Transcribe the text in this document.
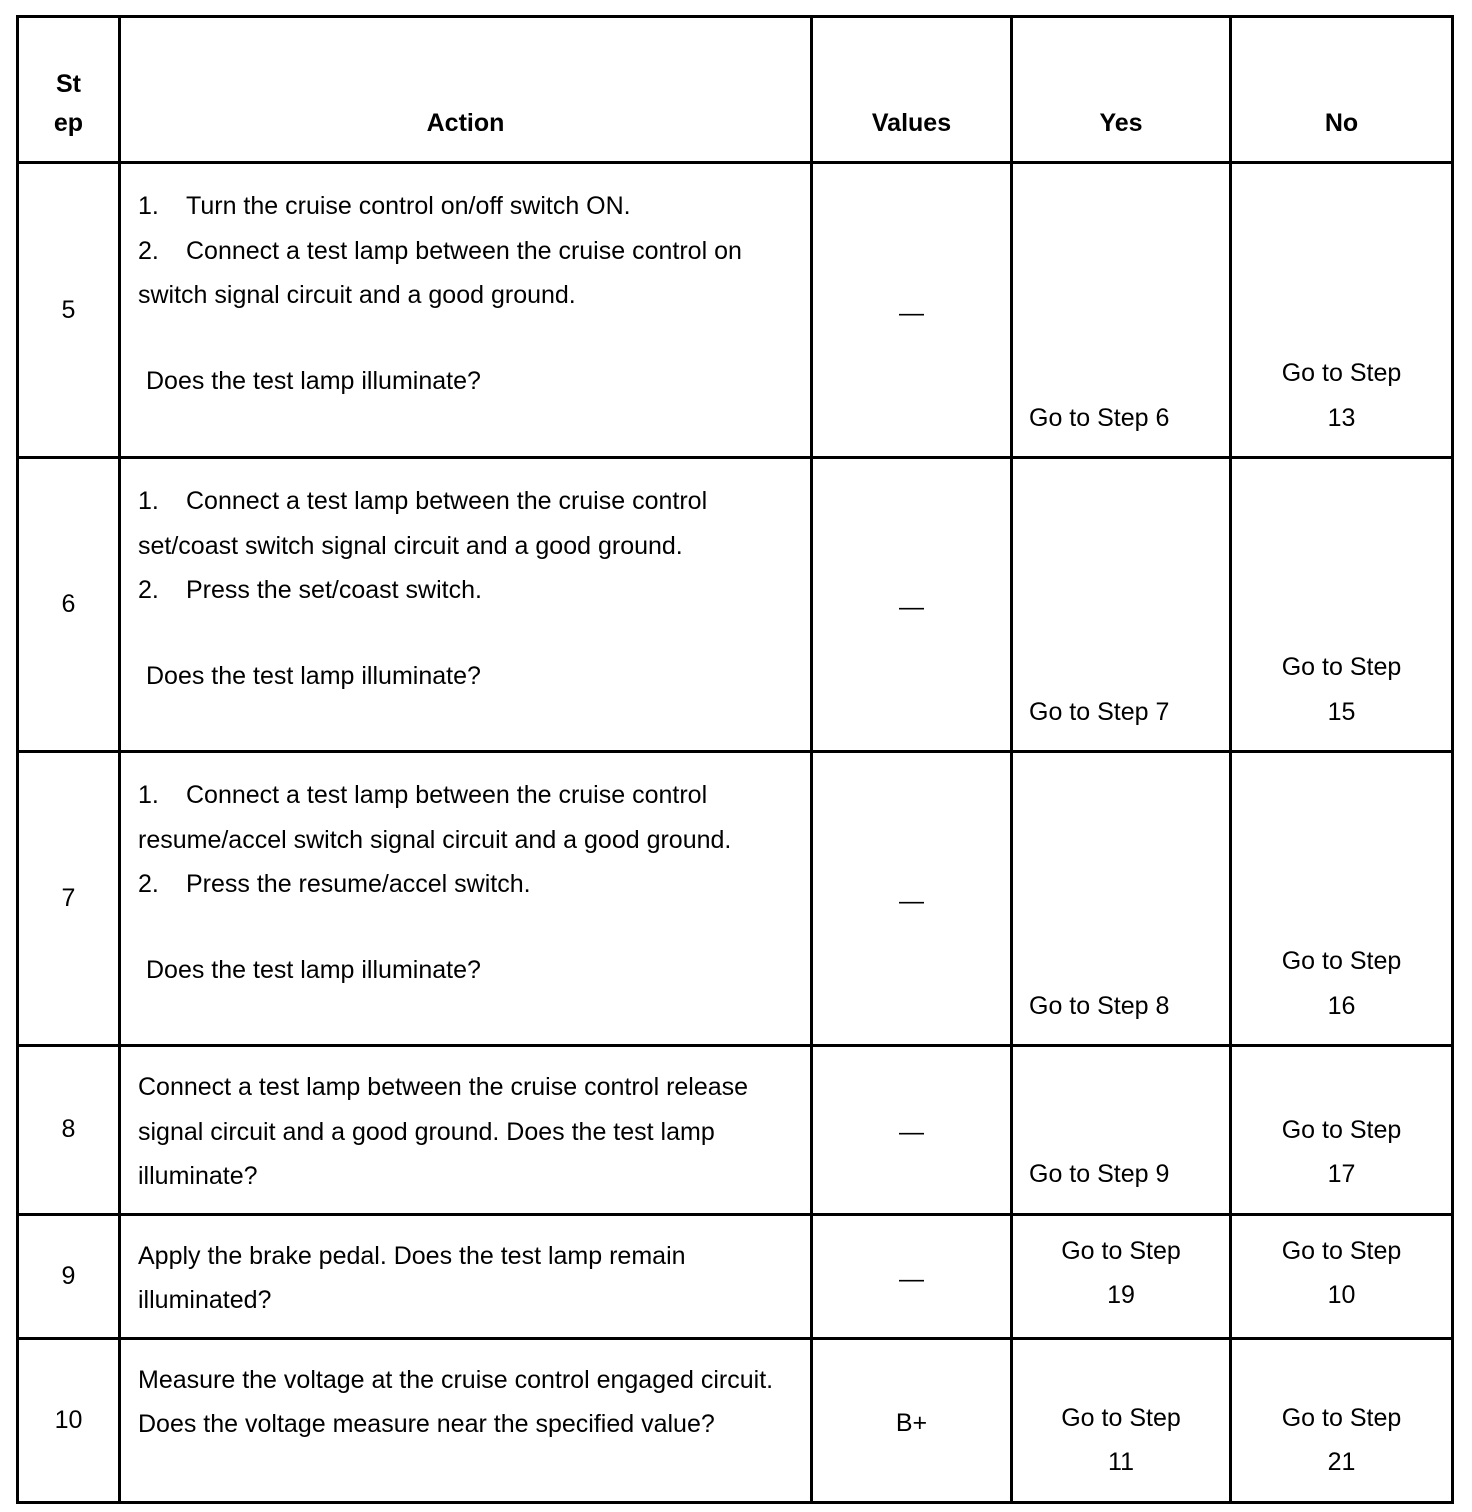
St
ep	Action	Values	Yes	No
5	1. Turn the cruise control on/off switch ON.
2. Connect a test lamp between the cruise control on switch signal circuit and a good ground.
Does the test lamp illuminate?	—	Go to Step 6	Go to Step 13
6	1. Connect a test lamp between the cruise control set/coast switch signal circuit and a good ground.
2. Press the set/coast switch.
Does the test lamp illuminate?	—	Go to Step 7	Go to Step 15
7	1. Connect a test lamp between the cruise control resume/accel switch signal circuit and a good ground.
2. Press the resume/accel switch.
Does the test lamp illuminate?	—	Go to Step 8	Go to Step 16
8	Connect a test lamp between the cruise control release signal circuit and a good ground. Does the test lamp illuminate?	—	Go to Step 9	Go to Step 17
9	Apply the brake pedal. Does the test lamp remain illuminated?	—	Go to Step 19	Go to Step 10
10	Measure the voltage at the cruise control engaged circuit. Does the voltage measure near the specified value?	B+	Go to Step 11	Go to Step 21
